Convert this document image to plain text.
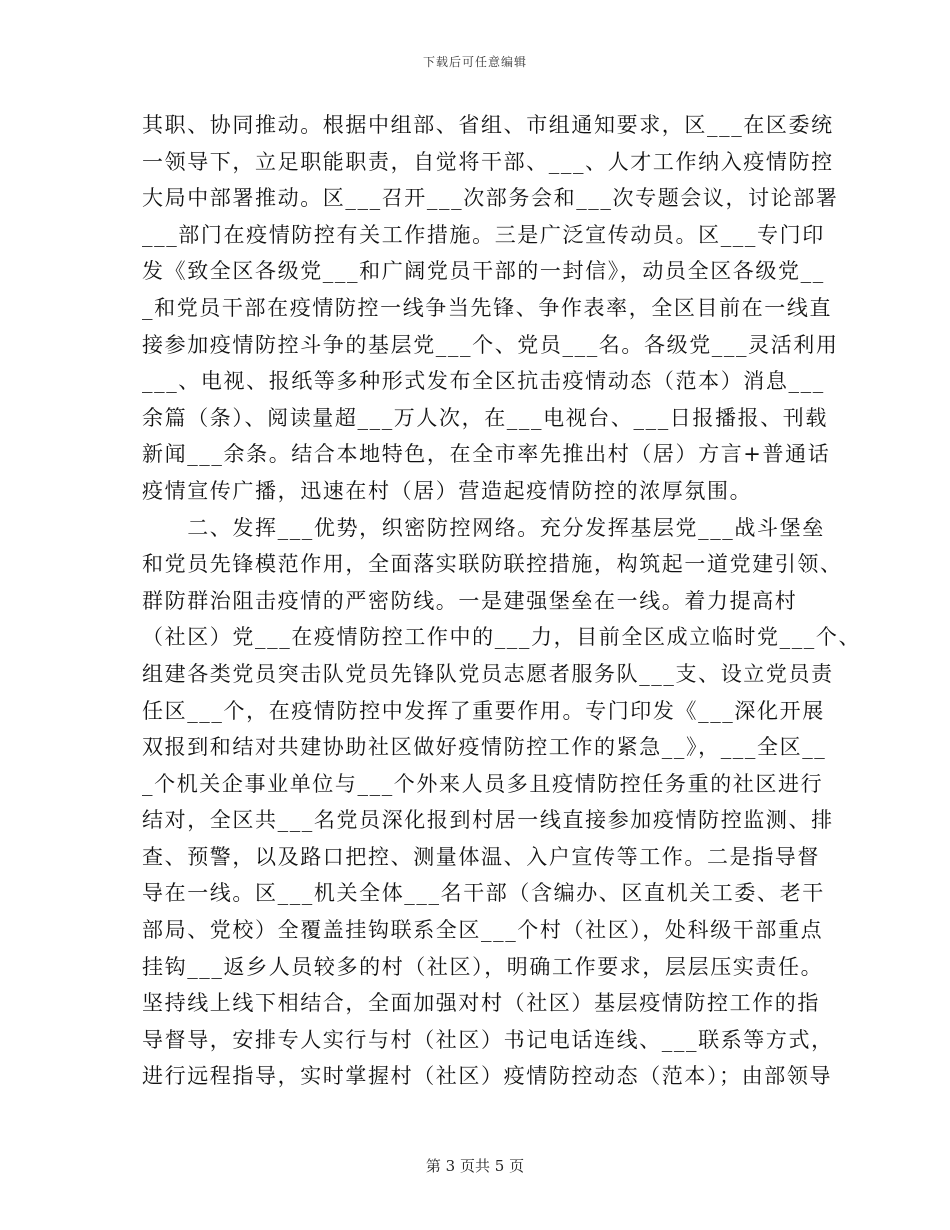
下载后可任意编辑
其职、协同推动。根据中组部、省组、市组通知要求，区___在区委统
一领导下，立足职能职责，自觉将干部、___、人才工作纳入疫情防控
大局中部署推动。区___召开___次部务会和___次专题会议，讨论部署
___部门在疫情防控有关工作措施。三是广泛宣传动员。区___专门印
发《致全区各级党___和广阔党员干部的一封信》，动员全区各级党__
_和党员干部在疫情防控一线争当先锋、争作表率，全区目前在一线直
接参加疫情防控斗争的基层党___个、党员___名。各级党___灵活利用
___、电视、报纸等多种形式发布全区抗击疫情动态（范本）消息___
余篇（条）、阅读量超___万人次，在___电视台、___日报播报、刊载
新闻___余条。结合本地特色，在全市率先推出村（居）方言+普通话
疫情宣传广播，迅速在村（居）营造起疫情防控的浓厚氛围。
　　二、发挥___优势，织密防控网络。充分发挥基层党___战斗堡垒
和党员先锋模范作用，全面落实联防联控措施，构筑起一道党建引领、
群防群治阻击疫情的严密防线。一是建强堡垒在一线。着力提高村
（社区）党___在疫情防控工作中的___力，目前全区成立临时党___个、
组建各类党员突击队党员先锋队党员志愿者服务队___支、设立党员责
任区___个，在疫情防控中发挥了重要作用。专门印发《___深化开展
双报到和结对共建协助社区做好疫情防控工作的紧急__》，___全区__
_个机关企事业单位与___个外来人员多且疫情防控任务重的社区进行
结对，全区共___名党员深化报到村居一线直接参加疫情防控监测、排
查、预警，以及路口把控、测量体温、入户宣传等工作。二是指导督
导在一线。区___机关全体___名干部（含编办、区直机关工委、老干
部局、党校）全覆盖挂钩联系全区___个村（社区），处科级干部重点
挂钩___返乡人员较多的村（社区），明确工作要求，层层压实责任。
坚持线上线下相结合，全面加强对村（社区）基层疫情防控工作的指
导督导，安排专人实行与村（社区）书记电话连线、___联系等方式，
进行远程指导，实时掌握村（社区）疫情防控动态（范本）；由部领导
第 3 页共 5 页
